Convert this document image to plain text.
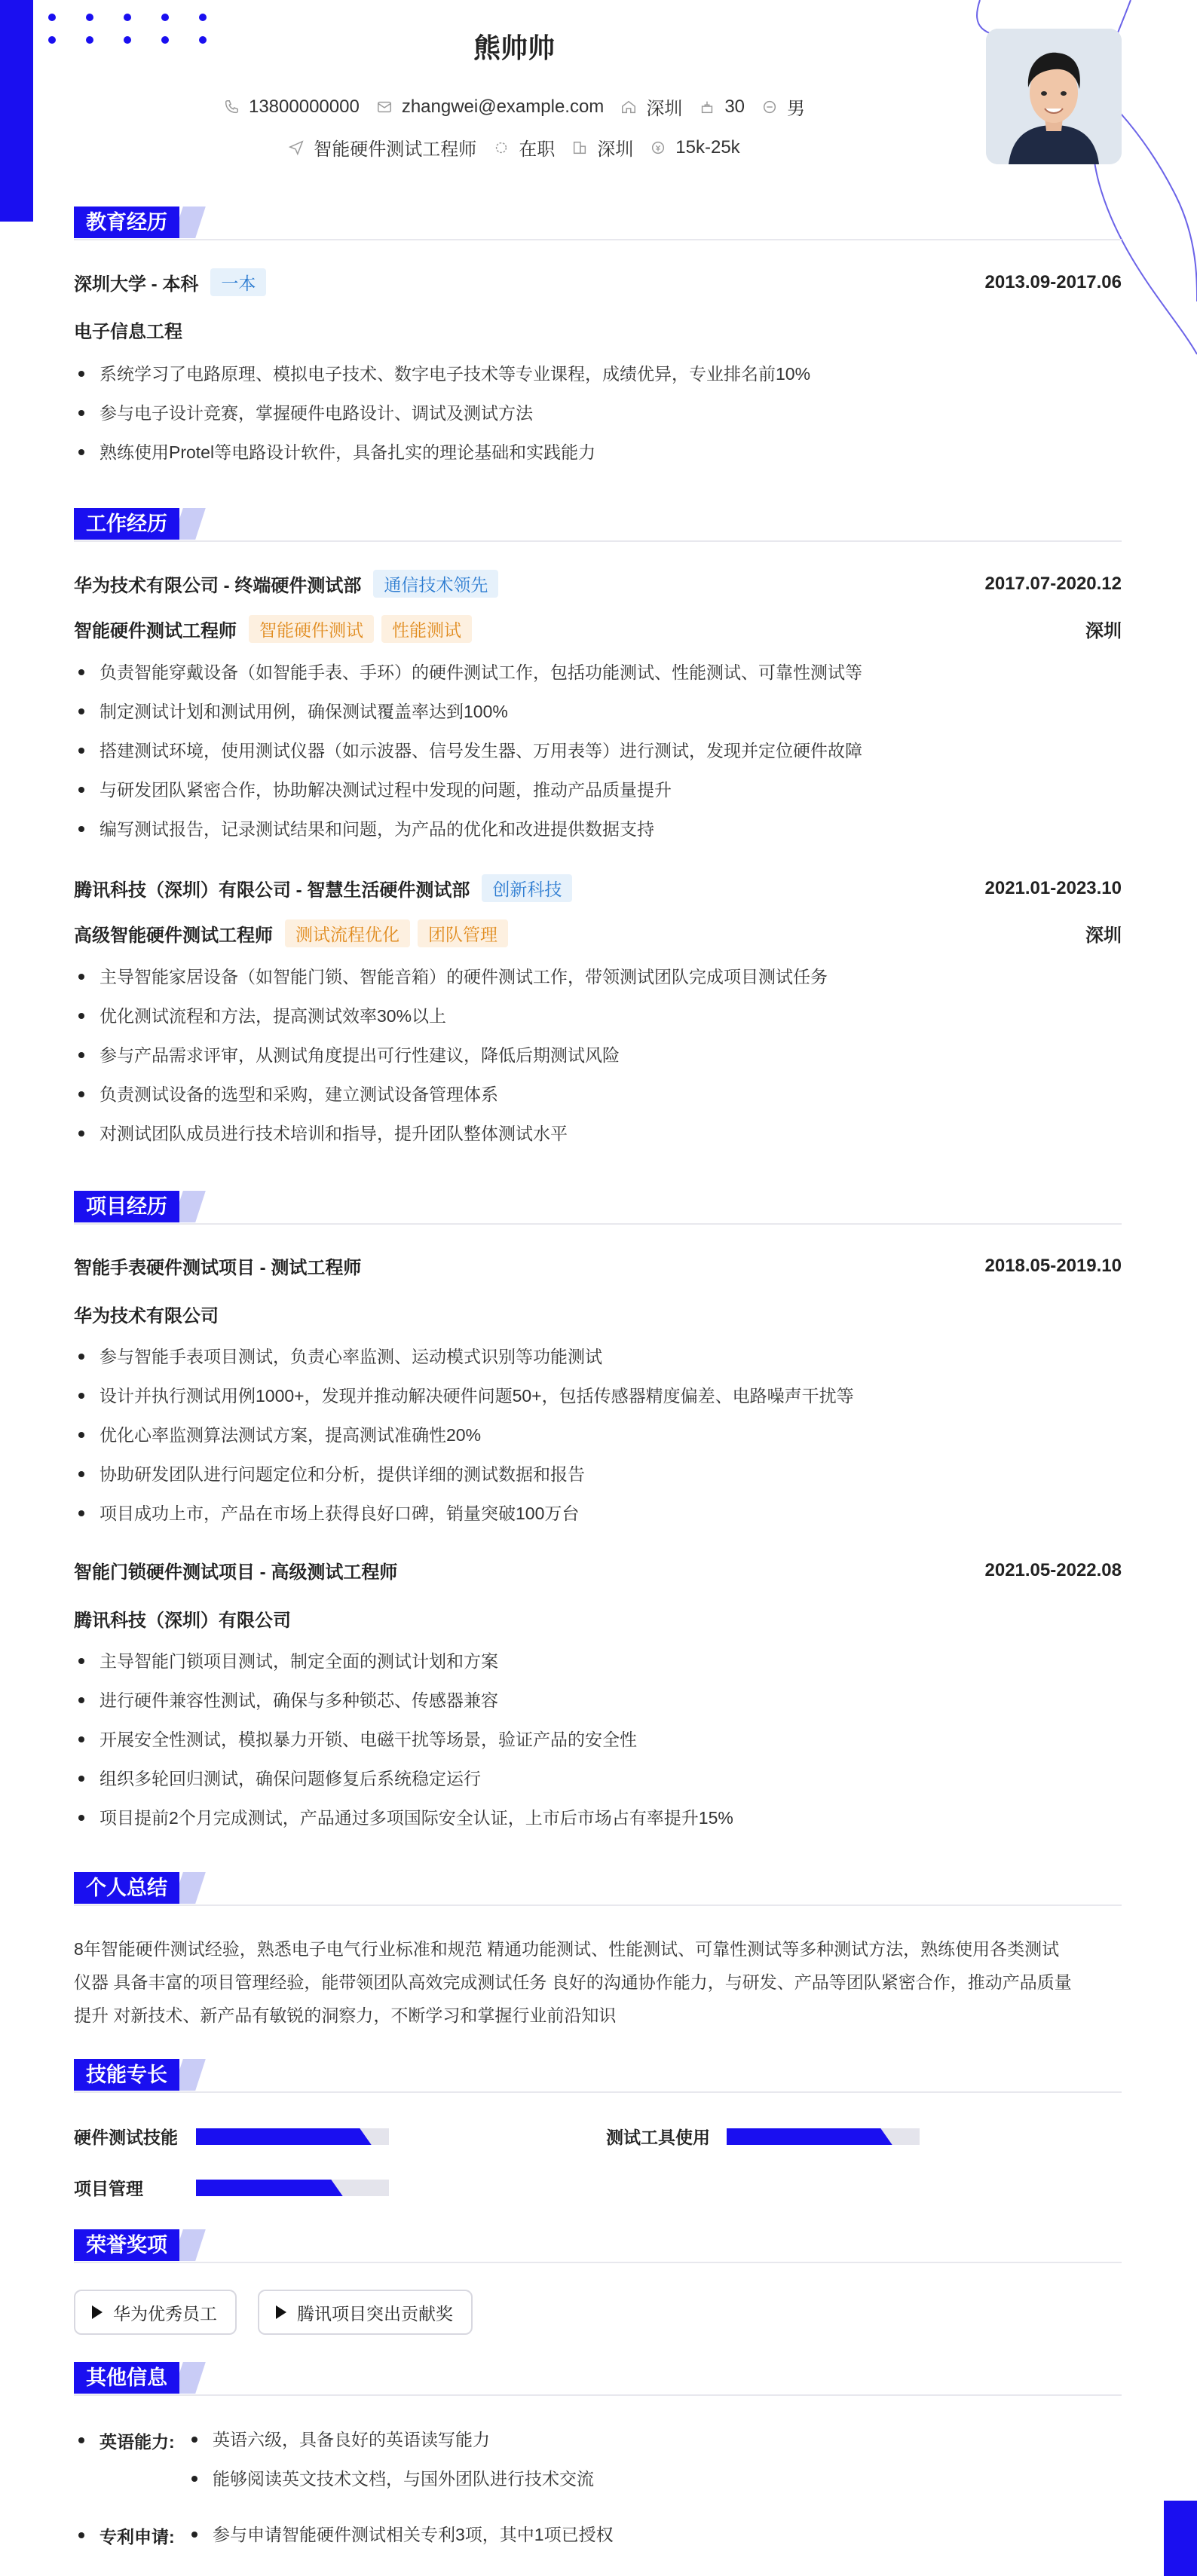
熊帅帅
13800000000 zhangwei@example.com 深圳 30 男
智能硬件测试工程师 在职 深圳 15k-25k
教育经历
深圳大学 - 本科	一本	2013.09-2017.06
电子信息工程
系统学习了电路原理、模拟电子技术、数字电子技术等专业课程，成绩优异，专业排名前10%
参与电子设计竞赛，掌握硬件电路设计、调试及测试方法
熟练使用Protel等电路设计软件，具备扎实的理论基础和实践能力
工作经历
华为技术有限公司 - 终端硬件测试部	通信技术领先	2017.07-2020.12
智能硬件测试工程师	智能硬件测试	性能测试	深圳
负责智能穿戴设备（如智能手表、手环）的硬件测试工作，包括功能测试、性能测试、可靠性测试等
制定测试计划和测试用例，确保测试覆盖率达到100%
搭建测试环境，使用测试仪器（如示波器、信号发生器、万用表等）进行测试，发现并定位硬件故障
与研发团队紧密合作，协助解决测试过程中发现的问题，推动产品质量提升
编写测试报告，记录测试结果和问题，为产品的优化和改进提供数据支持
腾讯科技（深圳）有限公司 - 智慧生活硬件测试部	创新科技	2021.01-2023.10
高级智能硬件测试工程师	测试流程优化	团队管理	深圳
主导智能家居设备（如智能门锁、智能音箱）的硬件测试工作，带领测试团队完成项目测试任务
优化测试流程和方法，提高测试效率30%以上
参与产品需求评审，从测试角度提出可行性建议，降低后期测试风险
负责测试设备的选型和采购，建立测试设备管理体系
对测试团队成员进行技术培训和指导，提升团队整体测试水平
项目经历
智能手表硬件测试项目 - 测试工程师	2018.05-2019.10
华为技术有限公司
参与智能手表项目测试，负责心率监测、运动模式识别等功能测试
设计并执行测试用例1000+，发现并推动解决硬件问题50+，包括传感器精度偏差、电路噪声干扰等
优化心率监测算法测试方案，提高测试准确性20%
协助研发团队进行问题定位和分析，提供详细的测试数据和报告
项目成功上市，产品在市场上获得良好口碑，销量突破100万台
智能门锁硬件测试项目 - 高级测试工程师	2021.05-2022.08
腾讯科技（深圳）有限公司
主导智能门锁项目测试，制定全面的测试计划和方案
进行硬件兼容性测试，确保与多种锁芯、传感器兼容
开展安全性测试，模拟暴力开锁、电磁干扰等场景，验证产品的安全性
组织多轮回归测试，确保问题修复后系统稳定运行
项目提前2个月完成测试，产品通过多项国际安全认证，上市后市场占有率提升15%
个人总结
8年智能硬件测试经验，熟悉电子电气行业标准和规范 精通功能测试、性能测试、可靠性测试等多种测试方法，熟练使用各类测试
仪器 具备丰富的项目管理经验，能带领团队高效完成测试任务 良好的沟通协作能力，与研发、产品等团队紧密合作，推动产品质量
提升 对新技术、新产品有敏锐的洞察力，不断学习和掌握行业前沿知识
技能专长
硬件测试技能	测试工具使用
项目管理
荣誉奖项
华为优秀员工	腾讯项目突出贡献奖
其他信息
英语能力:	英语六级，具备良好的英语读写能力
能够阅读英文技术文档，与国外团队进行技术交流
专利申请:	参与申请智能硬件测试相关专利3项，其中1项已授权
